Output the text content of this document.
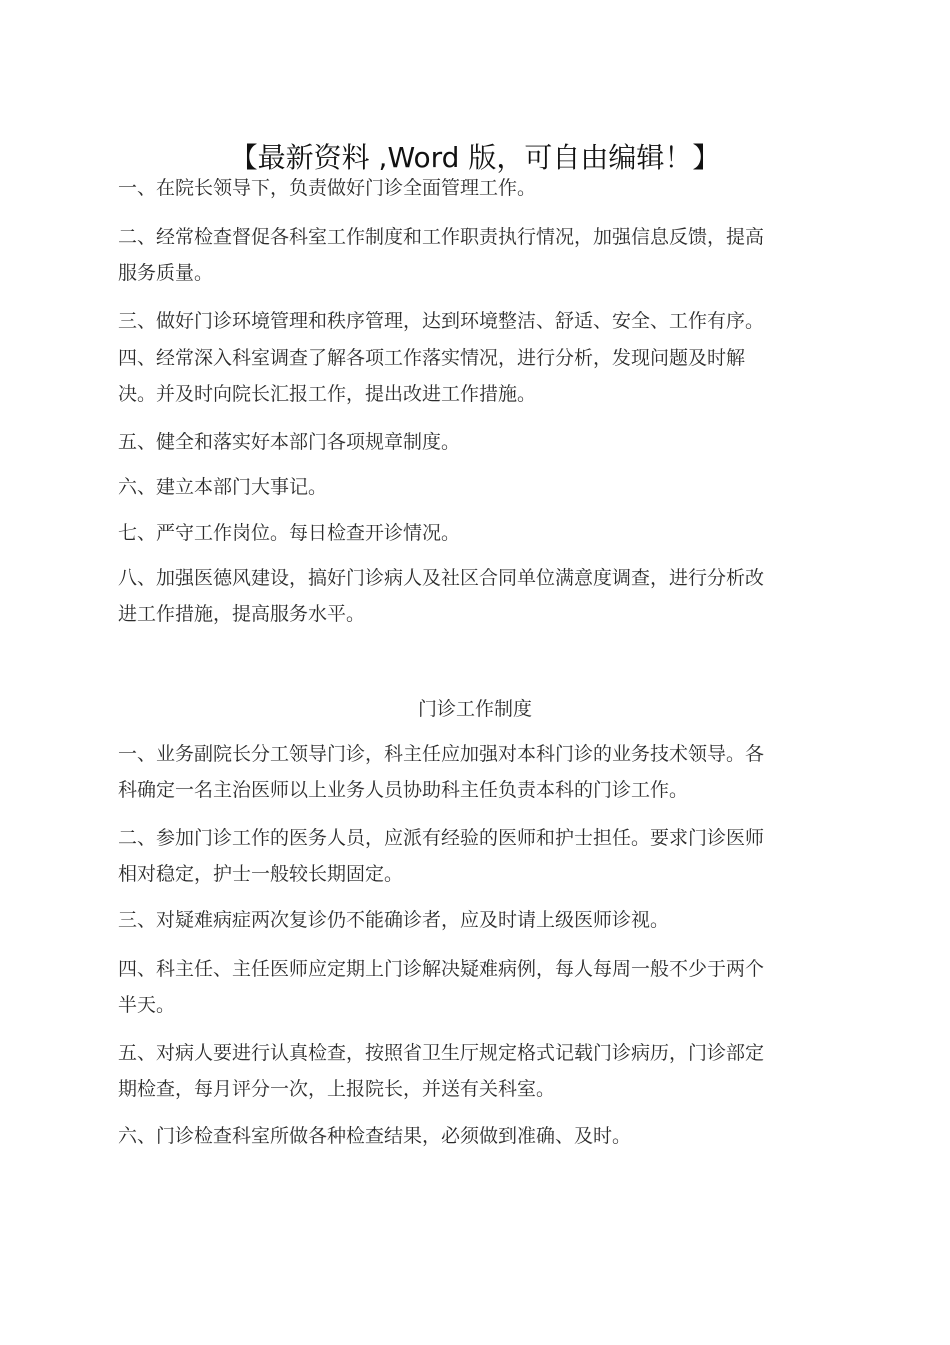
【最新资料 ,Word 版，可自由编辑！】
一、在院长领导下，负责做好门诊全面管理工作。
二、经常检查督促各科室工作制度和工作职责执行情况，加强信息反馈，提高
服务质量。
三、做好门诊环境管理和秩序管理，达到环境整洁、舒适、安全、工作有序。
四、经常深入科室调查了解各项工作落实情况，进行分析，发现问题及时解
决。并及时向院长汇报工作，提出改进工作措施。
五、健全和落实好本部门各项规章制度。
六、建立本部门大事记。
七、严守工作岗位。每日检查开诊情况。
八、加强医德风建设，搞好门诊病人及社区合同单位满意度调查，进行分析改
进工作措施，提高服务水平。
门诊工作制度
一、业务副院长分工领导门诊，科主任应加强对本科门诊的业务技术领导。各
科确定一名主治医师以上业务人员协助科主任负责本科的门诊工作。
二、参加门诊工作的医务人员，应派有经验的医师和护士担任。要求门诊医师
相对稳定，护士一般较长期固定。
三、对疑难病症两次复诊仍不能确诊者，应及时请上级医师诊视。
四、科主任、主任医师应定期上门诊解决疑难病例，每人每周一般不少于两个
半天。
五、对病人要进行认真检查，按照省卫生厅规定格式记载门诊病历，门诊部定
期检查，每月评分一次，上报院长，并送有关科室。
六、门诊检查科室所做各种检查结果，必须做到准确、及时。
